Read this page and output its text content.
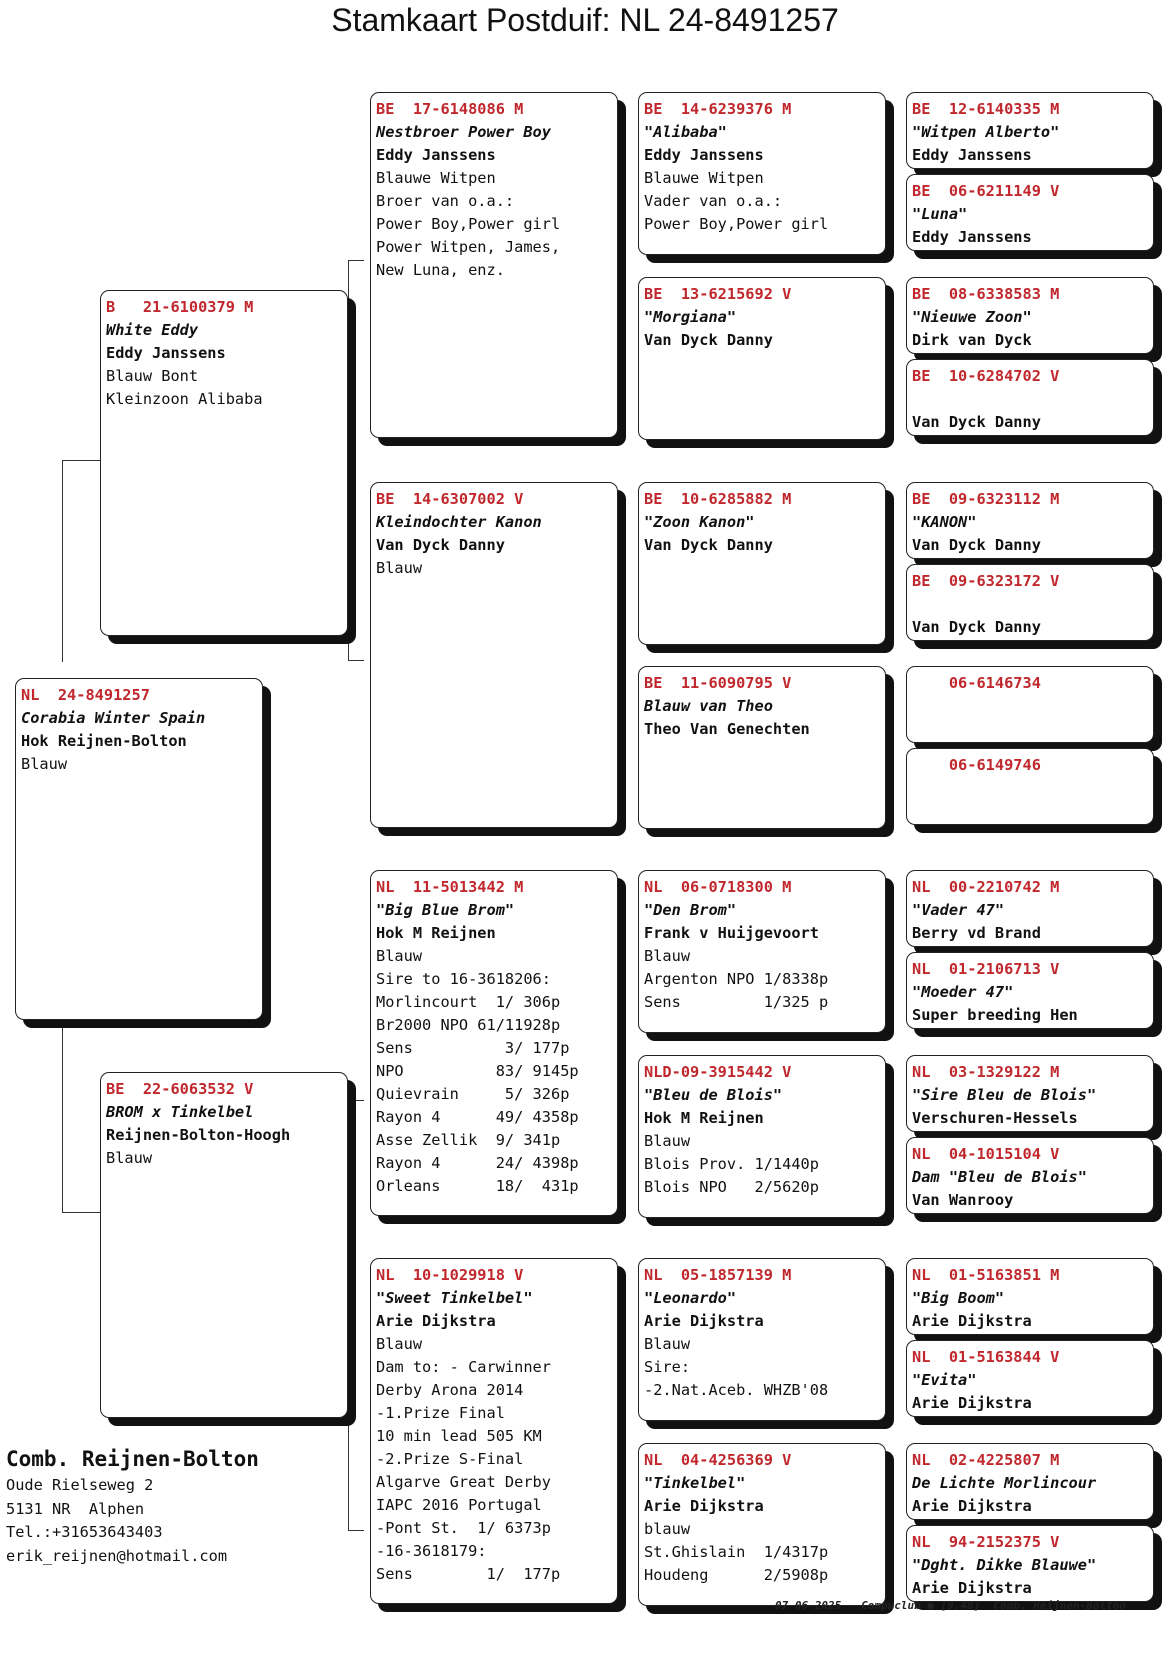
Stamkaart Postduif: NL 24-8491257
NL  24-8491257
Corabia Winter Spain
Hok Reijnen-Bolton
Blauw
B   21-6100379 M
White Eddy
Eddy Janssens
Blauw Bont
Kleinzoon Alibaba
BE  22-6063532 V
BROM x Tinkelbel
Reijnen-Bolton-Hoogh
Blauw
BE  17-6148086 M
Nestbroer Power Boy
Eddy Janssens
Blauwe Witpen
Broer van o.a.:
Power Boy,Power girl
Power Witpen, James,
New Luna, enz.
BE  14-6307002 V
Kleindochter Kanon
Van Dyck Danny
Blauw
NL  11-5013442 M
"Big Blue Brom"
Hok M Reijnen
Blauw
Sire to 16-3618206:
Morlincourt  1/ 306p
Br2000 NPO 61/11928p
Sens          3/ 177p
NPO          83/ 9145p
Quievrain     5/ 326p
Rayon 4      49/ 4358p
Asse Zellik  9/ 341p
Rayon 4      24/ 4398p
Orleans      18/  431p
NL  10-1029918 V
"Sweet Tinkelbel"
Arie Dijkstra
Blauw
Dam to: - Carwinner
Derby Arona 2014
-1.Prize Final
10 min lead 505 KM
-2.Prize S-Final
Algarve Great Derby
IAPC 2016 Portugal
-Pont St.  1/ 6373p
-16-3618179:
Sens        1/  177p
BE  14-6239376 M
"Alibaba"
Eddy Janssens
Blauwe Witpen
Vader van o.a.:
Power Boy,Power girl
BE  13-6215692 V
"Morgiana"
Van Dyck Danny
BE  10-6285882 M
"Zoon Kanon"
Van Dyck Danny
BE  11-6090795 V
Blauw van Theo
Theo Van Genechten
NL  06-0718300 M
"Den Brom"
Frank v Huijgevoort
Blauw
Argenton NPO 1/8338p
Sens         1/325 p
NLD-09-3915442 V
"Bleu de Blois"
Hok M Reijnen
Blauw
Blois Prov. 1/1440p
Blois NPO   2/5620p
NL  05-1857139 M
"Leonardo"
Arie Dijkstra
Blauw
Sire:
-2.Nat.Aceb. WHZB'08
NL  04-4256369 V
"Tinkelbel"
Arie Dijkstra
blauw
St.Ghislain  1/4317p
Houdeng      2/5908p
BE  12-6140335 M
"Witpen Alberto"
Eddy Janssens
BE  06-6211149 V
"Luna"
Eddy Janssens
BE  08-6338583 M
"Nieuwe Zoon"
Dirk van Dyck
BE  10-6284702 V

Van Dyck Danny
BE  09-6323112 M
"KANON"
Van Dyck Danny
BE  09-6323172 V

Van Dyck Danny
06-6146734
06-6149746
NL  00-2210742 M
"Vader 47"
Berry vd Brand
NL  01-2106713 V
"Moeder 47"
Super breeding Hen
NL  03-1329122 M
"Sire Bleu de Blois"
Verschuren-Hessels
NL  04-1015104 V
Dam "Bleu de Blois"
Van Wanrooy
NL  01-5163851 M
"Big Boom"
Arie Dijkstra
NL  01-5163844 V
"Evita"
Arie Dijkstra
NL  02-4225807 M
De Lichte Morlincour
Arie Dijkstra
NL  94-2152375 V
"Dght. Dikke Blauwe"
Arie Dijkstra
Comb. Reijnen-Bolton
Oude Rielseweg 2
5131 NR  Alphen
Tel.:+31653643403
erik_reijnen@hotmail.com
07-06-2025   Compuclub ● [9.48]  Comb. Reijnen-Bolton
